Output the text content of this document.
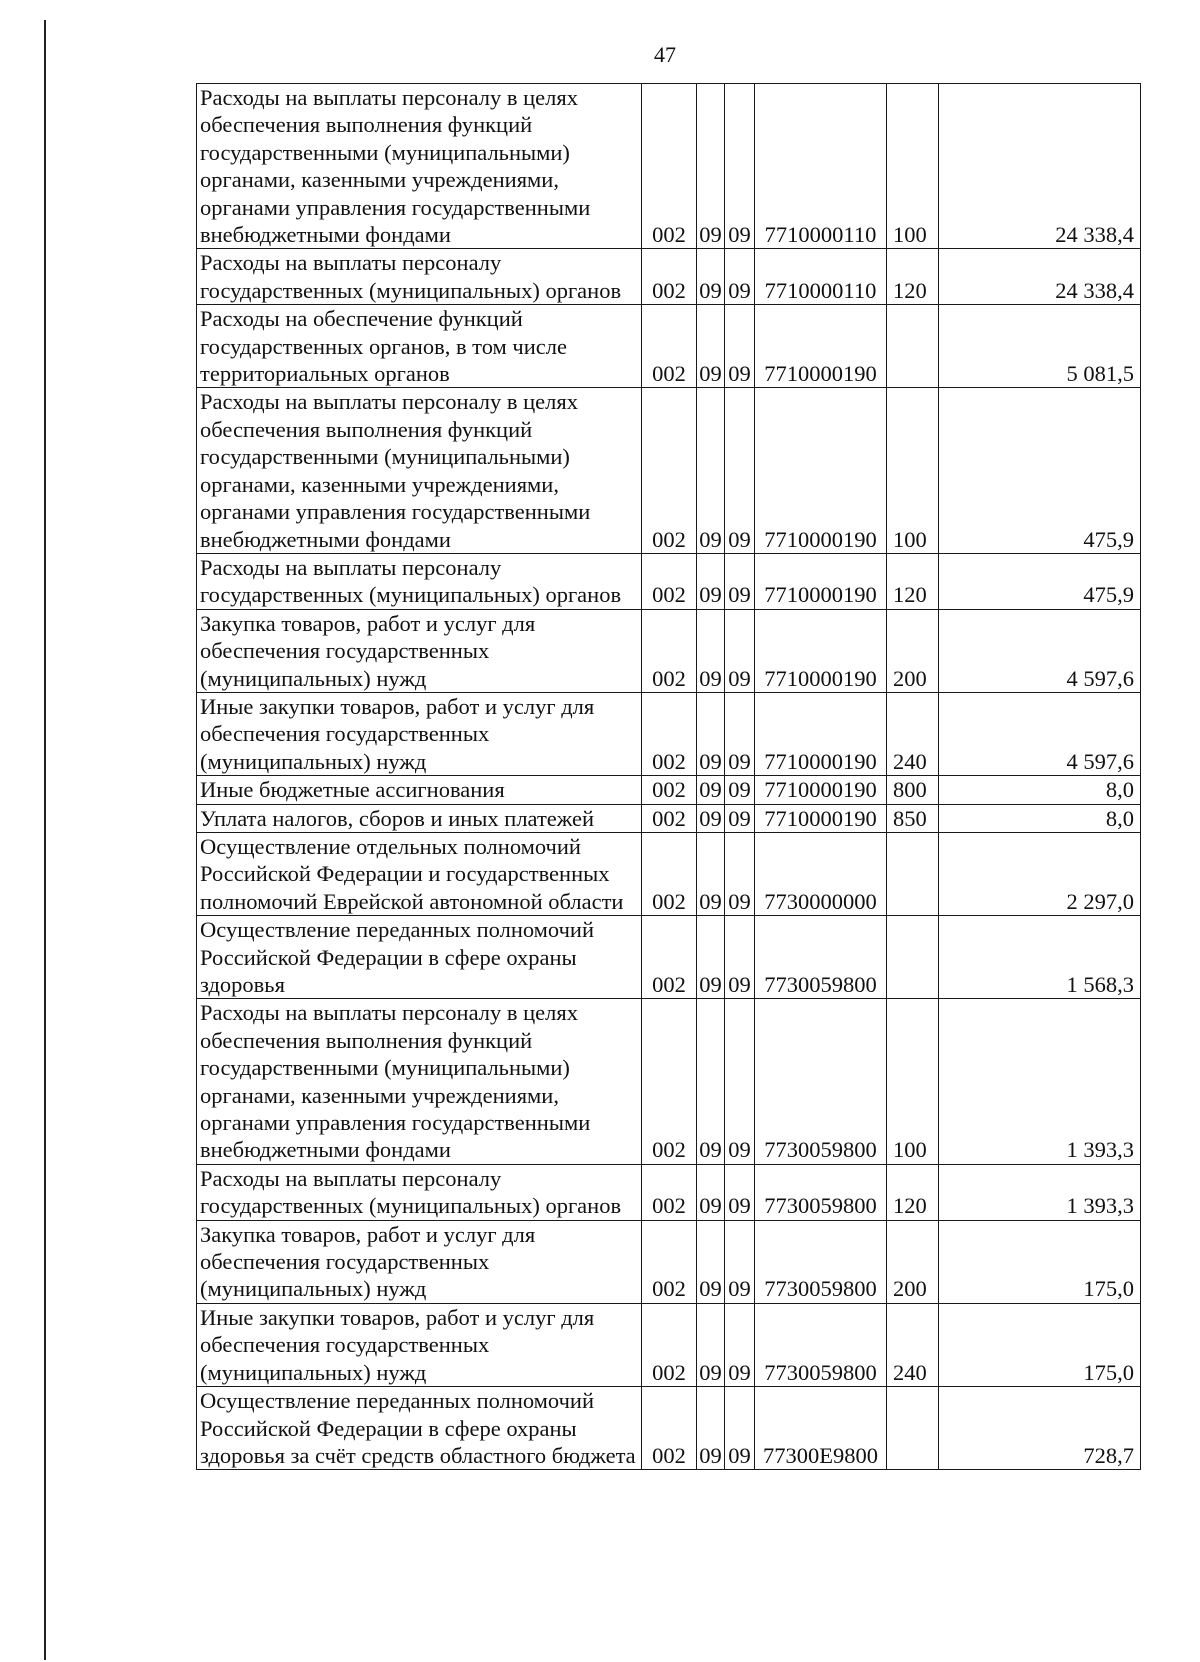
47
Расходы на выплаты персоналу в целях обеспечения выполнения функций государственными (муниципальными) органами, казенными учреждениями, органами управления государственными внебюджетными фондами	002	09	09	7710000110	100	24 338,4
Расходы на выплаты персоналу государственных (муниципальных) органов	002	09	09	7710000110	120	24 338,4
Расходы на обеспечение функций государственных органов, в том числе территориальных органов	002	09	09	7710000190		5 081,5
Расходы на выплаты персоналу в целях обеспечения выполнения функций государственными (муниципальными) органами, казенными учреждениями, органами управления государственными внебюджетными фондами	002	09	09	7710000190	100	475,9
Расходы на выплаты персоналу государственных (муниципальных) органов	002	09	09	7710000190	120	475,9
Закупка товаров, работ и услуг для обеспечения государственных (муниципальных) нужд	002	09	09	7710000190	200	4 597,6
Иные закупки товаров, работ и услуг для обеспечения государственных (муниципальных) нужд	002	09	09	7710000190	240	4 597,6
Иные бюджетные ассигнования	002	09	09	7710000190	800	8,0
Уплата налогов, сборов и иных платежей	002	09	09	7710000190	850	8,0
Осуществление отдельных полномочий Российской Федерации и государственных полномочий Еврейской автономной области	002	09	09	7730000000		2 297,0
Осуществление переданных полномочий Российской Федерации в сфере охраны здоровья	002	09	09	7730059800		1 568,3
Расходы на выплаты персоналу в целях обеспечения выполнения функций государственными (муниципальными) органами, казенными учреждениями, органами управления государственными внебюджетными фондами	002	09	09	7730059800	100	1 393,3
Расходы на выплаты персоналу государственных (муниципальных) органов	002	09	09	7730059800	120	1 393,3
Закупка товаров, работ и услуг для обеспечения государственных (муниципальных) нужд	002	09	09	7730059800	200	175,0
Иные закупки товаров, работ и услуг для обеспечения государственных (муниципальных) нужд	002	09	09	7730059800	240	175,0
Осуществление переданных полномочий Российской Федерации в сфере охраны здоровья за счёт средств областного бюджета	002	09	09	77300Е9800		728,7
